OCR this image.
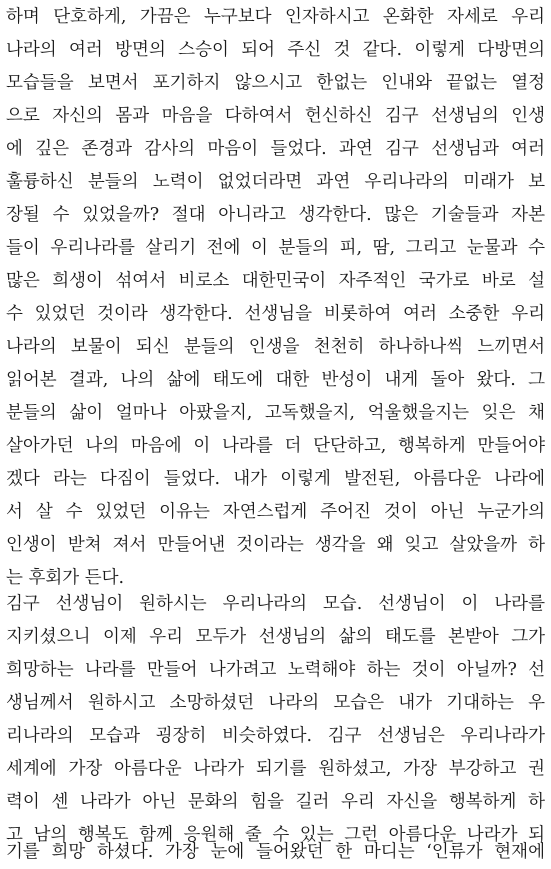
하며 단호하게, 가끔은 누구보다 인자하시고 온화한 자세로 우리
나라의 여러 방면의 스승이 되어 주신 것 같다. 이렇게 다방면의
모습들을 보면서 포기하지 않으시고 한없는 인내와 끝없는 열정
으로 자신의 몸과 마음을 다하여서 헌신하신 김구 선생님의 인생
에 깊은 존경과 감사의 마음이 들었다. 과연 김구 선생님과 여러
훌륭하신 분들의 노력이 없었더라면 과연 우리나라의 미래가 보
장될 수 있었을까? 절대 아니라고 생각한다. 많은 기술들과 자본
들이 우리나라를 살리기 전에 이 분들의 피, 땀, 그리고 눈물과 수
많은 희생이 섞여서 비로소 대한민국이 자주적인 국가로 바로 설
수 있었던 것이라 생각한다. 선생님을 비롯하여 여러 소중한 우리
나라의 보물이 되신 분들의 인생을 천천히 하나하나씩 느끼면서
읽어본 결과, 나의 삶에 태도에 대한 반성이 내게 돌아 왔다. 그
분들의 삶이 얼마나 아팠을지, 고독했을지, 억울했을지는 잊은 채
살아가던 나의 마음에 이 나라를 더 단단하고, 행복하게 만들어야
겠다 라는 다짐이 들었다. 내가 이렇게 발전된, 아름다운 나라에
서 살 수 있었던 이유는 자연스럽게 주어진 것이 아닌 누군가의
인생이 받쳐 져서 만들어낸 것이라는 생각을 왜 잊고 살았을까 하
는 후회가 든다.
김구 선생님이 원하시는 우리나라의 모습. 선생님이 이 나라를
지키셨으니 이제 우리 모두가 선생님의 삶의 태도를 본받아 그가
희망하는 나라를 만들어 나가려고 노력해야 하는 것이 아닐까? 선
생님께서 원하시고 소망하셨던 나라의 모습은 내가 기대하는 우
리나라의 모습과 굉장히 비슷하였다. 김구 선생님은 우리나라가
세계에 가장 아름다운 나라가 되기를 원하셨고, 가장 부강하고 권
력이 센 나라가 아닌 문화의 힘을 길러 우리 자신을 행복하게 하
고 남의 행복도 함께 응원해 줄 수 있는 그런 아름다운 나라가 되
기를 희망 하셨다. 가장 눈에 들어왔던 한 마디는 ‘인류가 현재에
